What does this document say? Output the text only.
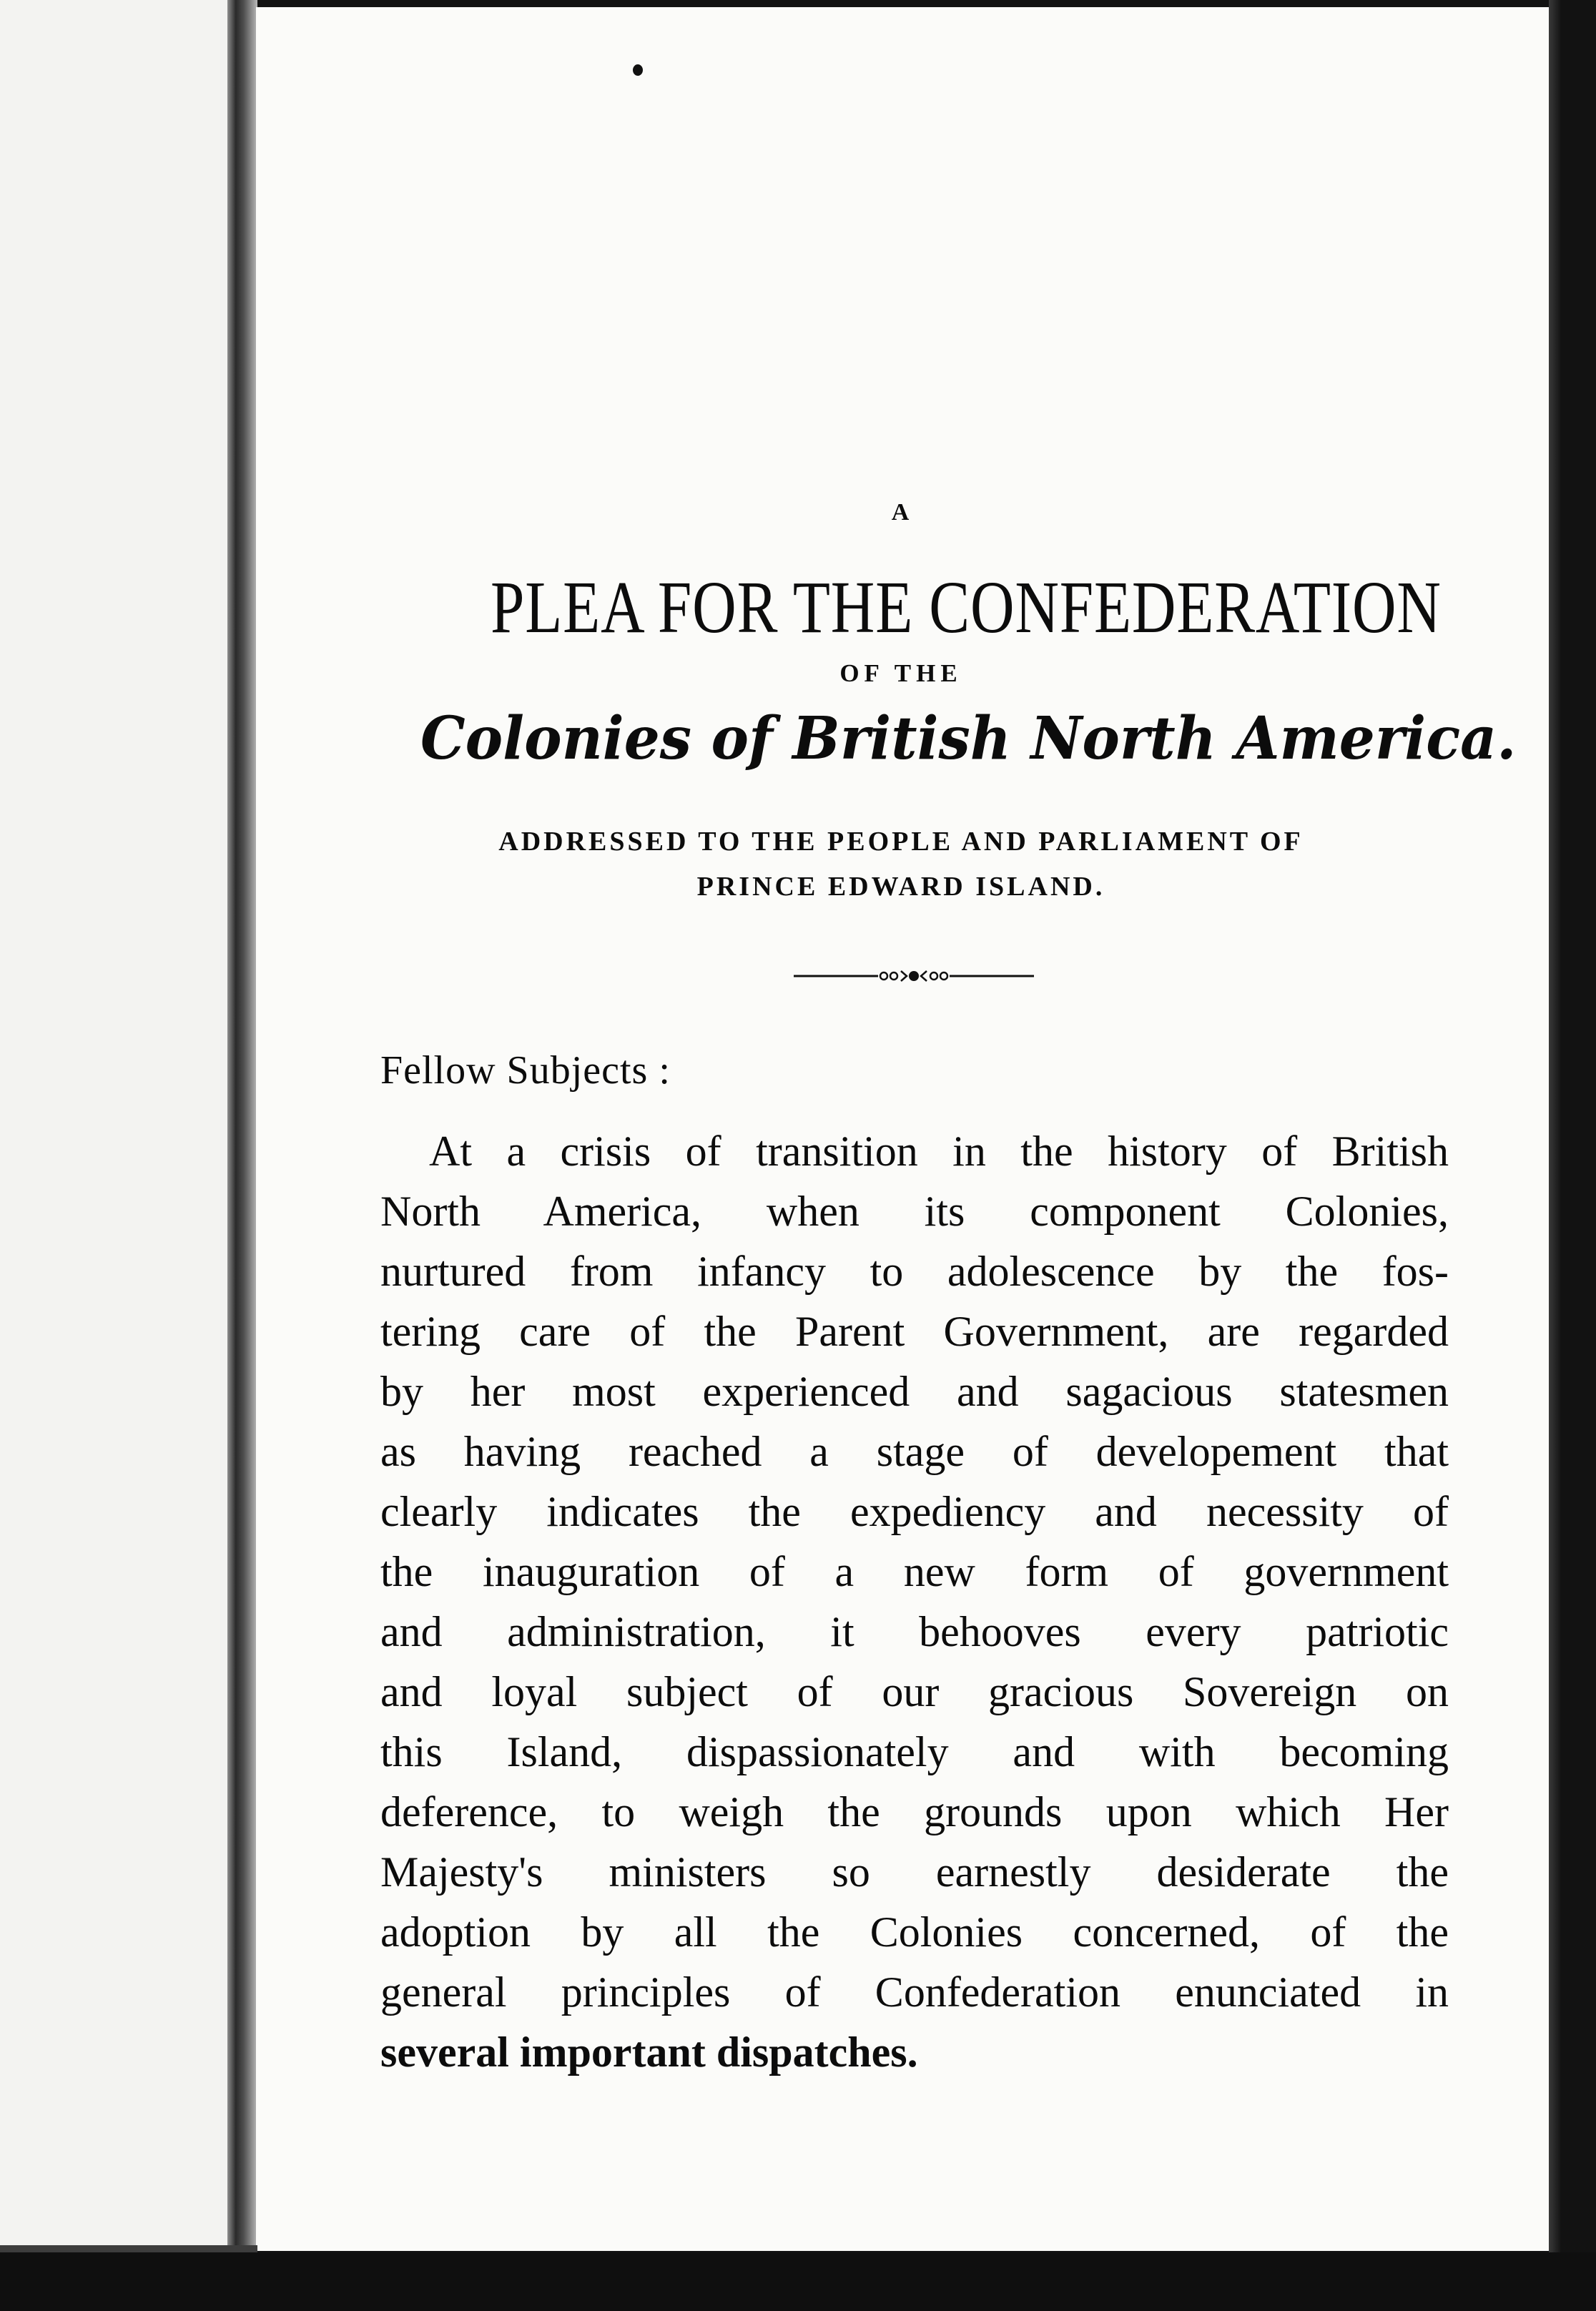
A
PLEA FOR THE CONFEDERATION
OF THE
Colonies of British North America.
ADDRESSED TO THE PEOPLE AND PARLIAMENT OF
PRINCE EDWARD ISLAND.
Fellow Subjects :
At a crisis of transition in the history of British
North America, when its component Colonies,
nurtured from infancy to adolescence by the fos-
tering care of the Parent Government, are regarded
by her most experienced and sagacious statesmen
as having reached a stage of developement that
clearly indicates the expediency and necessity of
the inauguration of a new form of government
and administration, it behooves every patriotic
and loyal subject of our gracious Sovereign on
this Island, dispassionately and with becoming
deference, to weigh the grounds upon which Her
Majesty's ministers so earnestly desiderate the
adoption by all the Colonies concerned, of the
general principles of Confederation enunciated in
several important dispatches.
